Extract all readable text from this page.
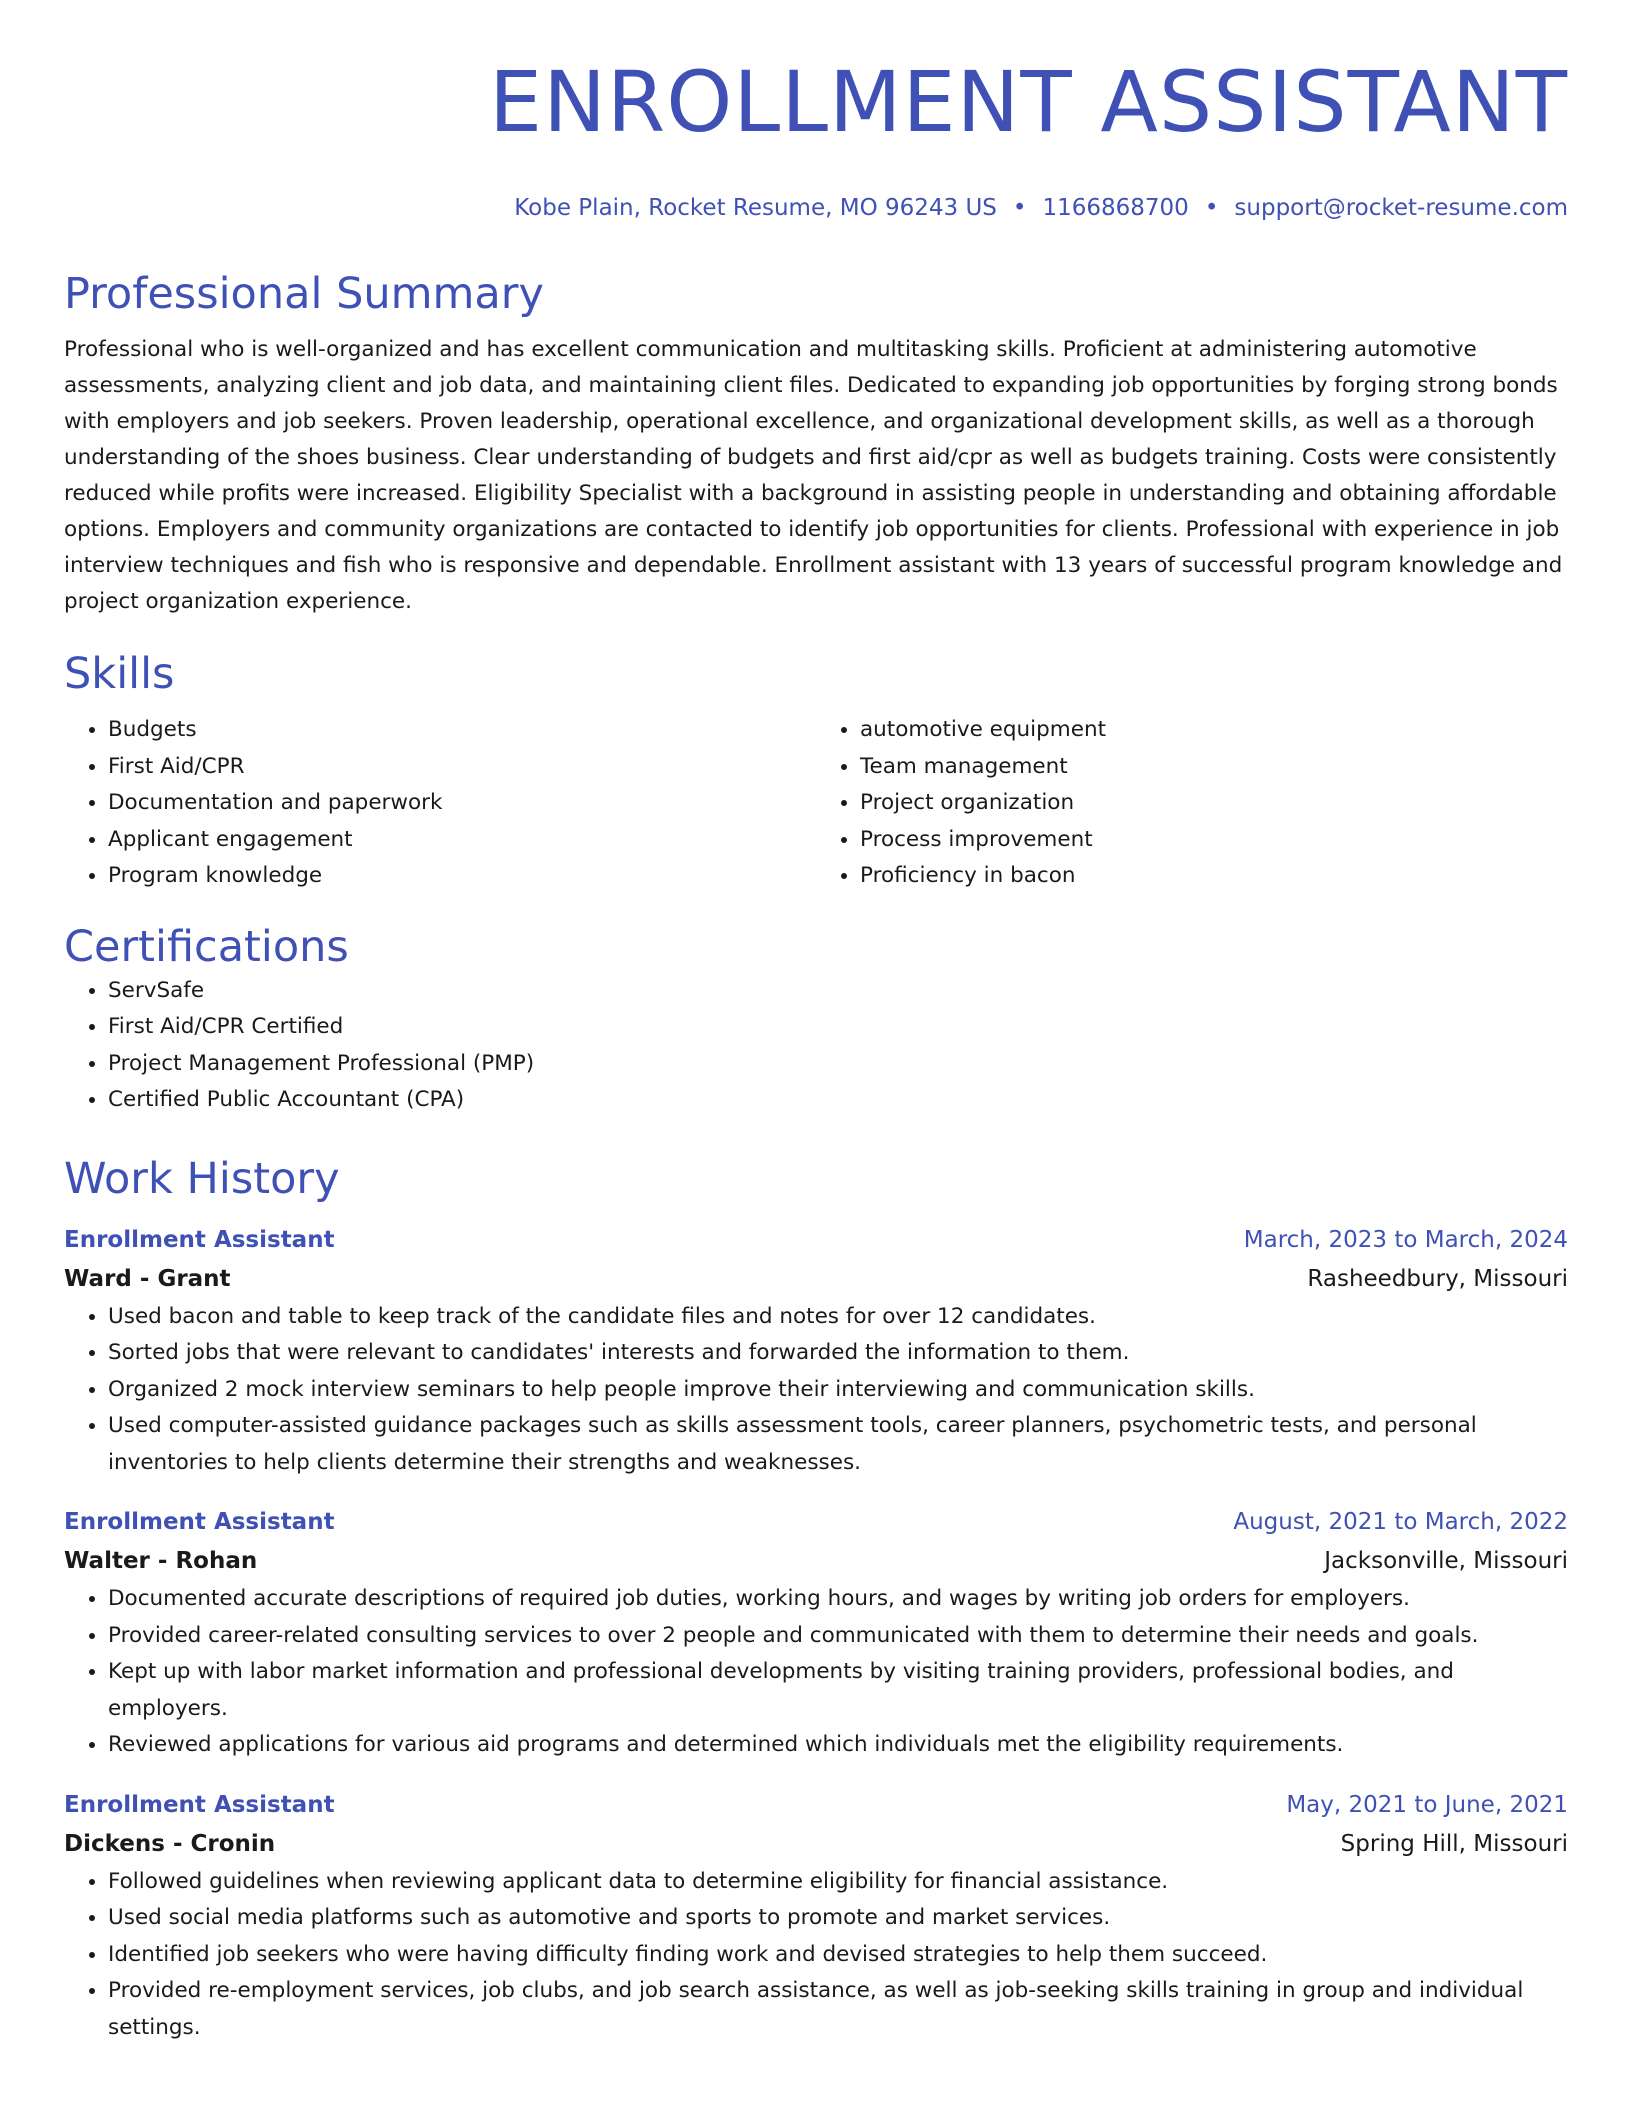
ENROLLMENT ASSISTANT
Kobe Plain, Rocket Resume, MO 96243 US • 1166868700 • support@rocket-resume.com
Professional Summary

Professional who is well-organized and has excellent communication and multitasking skills. Proficient at administering automotive assessments, analyzing client and job data, and maintaining client files. Dedicated to expanding job opportunities by forging strong bonds with employers and job seekers. Proven leadership, operational excellence, and organizational development skills, as well as a thorough understanding of the shoes business. Clear understanding of budgets and first aid/cpr as well as budgets training. Costs were consistently reduced while profits were increased. Eligibility Specialist with a background in assisting people in understanding and obtaining affordable options. Employers and community organizations are contacted to identify job opportunities for clients. Professional with experience in job interview techniques and fish who is responsive and dependable. Enrollment assistant with 13 years of successful program knowledge and project organization experience.

Skills
• Budgets
• First Aid/CPR
• Documentation and paperwork
• Applicant engagement
• Program knowledge
• automotive equipment
• Team management
• Project organization
• Process improvement
• Proficiency in bacon
Certifications
• ServSafe
• First Aid/CPR Certified
• Project Management Professional (PMP)
• Certified Public Accountant (CPA)
Work History
Enrollment Assistant	March, 2023 to March, 2024
Ward - Grant	Rasheedbury, Missouri
• Used bacon and table to keep track of the candidate files and notes for over 12 candidates.
• Sorted jobs that were relevant to candidates' interests and forwarded the information to them.
• Organized 2 mock interview seminars to help people improve their interviewing and communication skills.
• Used computer-assisted guidance packages such as skills assessment tools, career planners, psychometric tests, and personal inventories to help clients determine their strengths and weaknesses.
Enrollment Assistant	August, 2021 to March, 2022
Walter - Rohan	Jacksonville, Missouri
• Documented accurate descriptions of required job duties, working hours, and wages by writing job orders for employers.
• Provided career-related consulting services to over 2 people and communicated with them to determine their needs and goals.
• Kept up with labor market information and professional developments by visiting training providers, professional bodies, and employers.
• Reviewed applications for various aid programs and determined which individuals met the eligibility requirements.
Enrollment Assistant	May, 2021 to June, 2021
Dickens - Cronin	Spring Hill, Missouri
• Followed guidelines when reviewing applicant data to determine eligibility for financial assistance.
• Used social media platforms such as automotive and sports to promote and market services.
• Identified job seekers who were having difficulty finding work and devised strategies to help them succeed.
• Provided re-employment services, job clubs, and job search assistance, as well as job-seeking skills training in group and individual settings.
